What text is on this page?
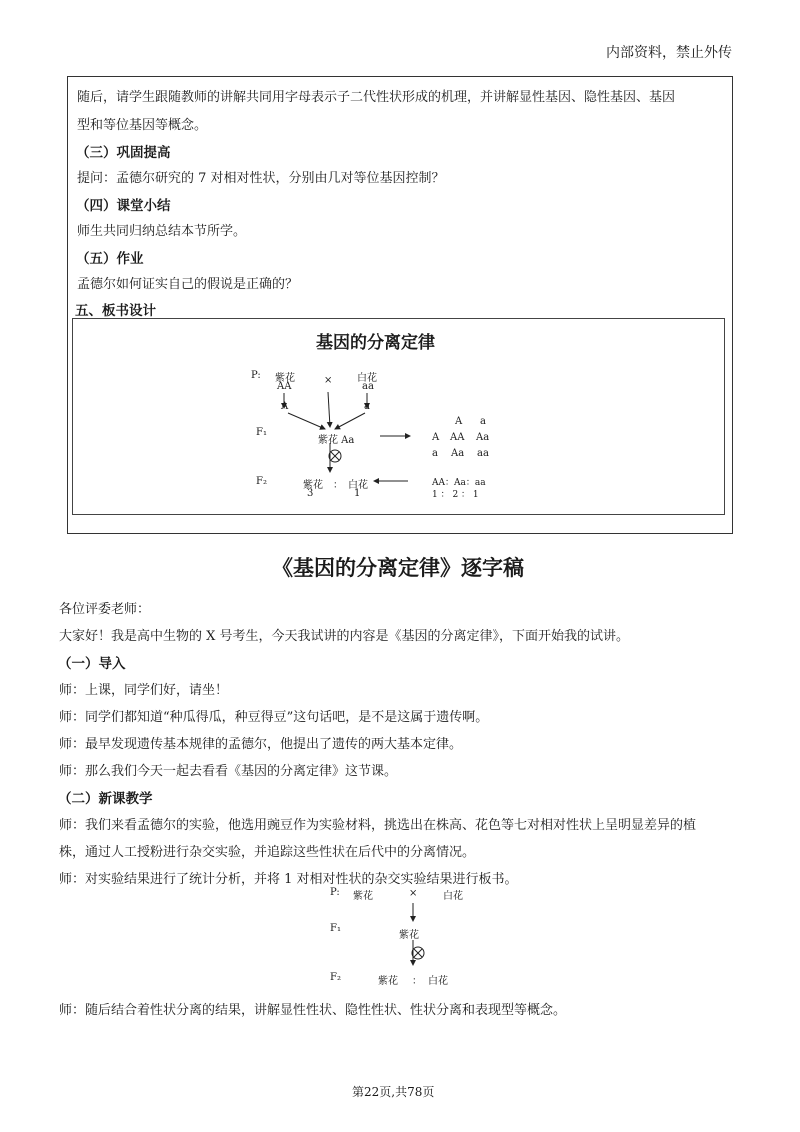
内部资料，禁止外传
随后，请学生跟随教师的讲解共同用字母表示子二代性状形成的机理，并讲解显性基因、隐性基因、基因
型和等位基因等概念。
（三）巩固提高
提问：孟德尔研究的 7 对相对性状，分别由几对等位基因控制？
（四）课堂小结
师生共同归纳总结本节所学。
（五）作业
孟德尔如何证实自己的假说是正确的？
五、板书设计
基因的分离定律
P: 紫花
AA
× 白花
aa
A	a
F₁
紫花 Aa
F₂	紫花 ： 白花
3	1
A a
A AA Aa
a Aa aa
AA：Aa：aa
1 ： 2 ： 1
《基因的分离定律》逐字稿
各位评委老师：
大家好！我是高中生物的 X 号考生，今天我试讲的内容是《基因的分离定律》，下面开始我的试讲。
（一）导入
师：上课，同学们好，请坐！
师：同学们都知道“种瓜得瓜，种豆得豆”这句话吧，是不是这属于遗传啊。
师：最早发现遗传基本规律的孟德尔，他提出了遗传的两大基本定律。
师：那么我们今天一起去看看《基因的分离定律》这节课。
（二）新课教学
师：我们来看孟德尔的实验，他选用豌豆作为实验材料，挑选出在株高、花色等七对相对性状上呈明显差异的植
株，通过人工授粉进行杂交实验，并追踪这些性状在后代中的分离情况。
师：对实验结果进行了统计分析，并将 1 对相对性状的杂交实验结果进行板书。
P: 紫花	×	白花
F₁
紫花
F₂	紫花 ： 白花
师：随后结合着性状分离的结果，讲解显性性状、隐性性状、性状分离和表现型等概念。
第22页,共78页
